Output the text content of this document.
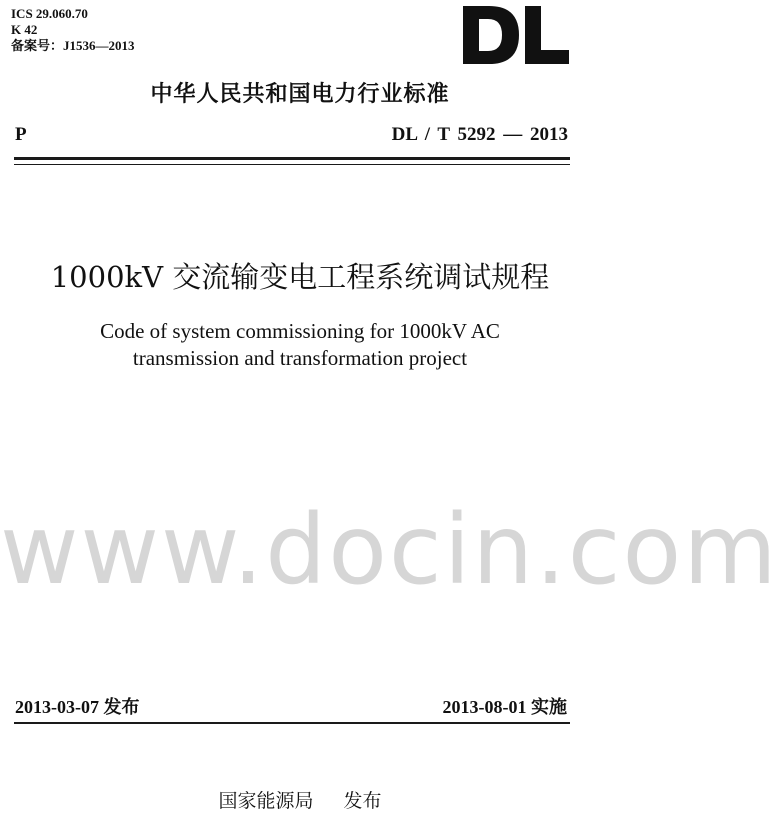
ICS 29.060.70
K 42
备案号：J1536—2013
中华人民共和国电力行业标准
P	DL / T 5292 — 2013
1000kV 交流输变电工程系统调试规程
Code of system commissioning for 1000kV AC
transmission and transformation project
www.docin.com
2013-03-07 发布	2013-08-01 实施
国家能源局 发布
